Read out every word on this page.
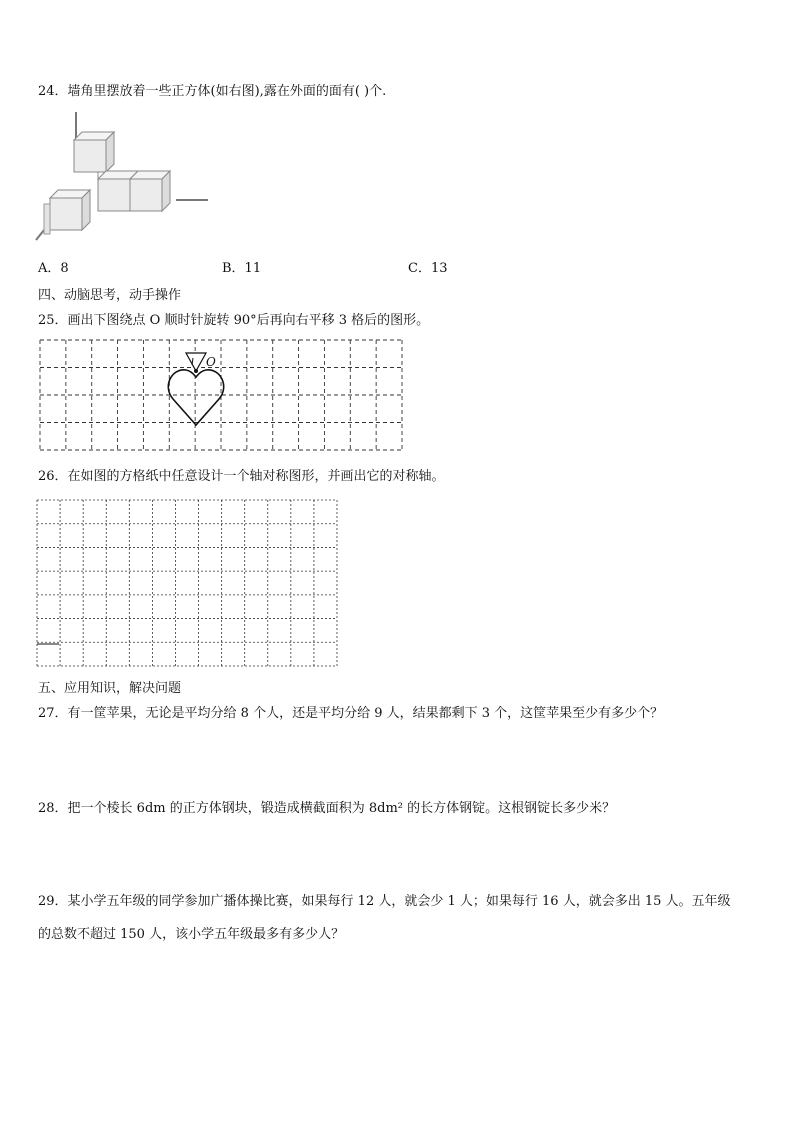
24．墙角里摆放着一些正方体(如右图),露在外面的面有( )个.
A．8	B．11	C．13
四、动脑思考，动手操作
25．画出下图绕点 O 顺时针旋转 90°后再向右平移 3 格后的图形。
O
26．在如图的方格纸中任意设计一个轴对称图形，并画出它的对称轴。
五、应用知识，解决问题
27．有一筐苹果，无论是平均分给 8 个人，还是平均分给 9 人，结果都剩下 3 个，这筐苹果至少有多少个？
28．把一个棱长 6dm 的正方体钢块，锻造成横截面积为 8dm² 的长方体钢锭。这根钢锭长多少米？
29．某小学五年级的同学参加广播体操比赛，如果每行 12 人，就会少 1 人；如果每行 16 人，就会多出 15 人。五年级
的总数不超过 150 人，该小学五年级最多有多少人？
